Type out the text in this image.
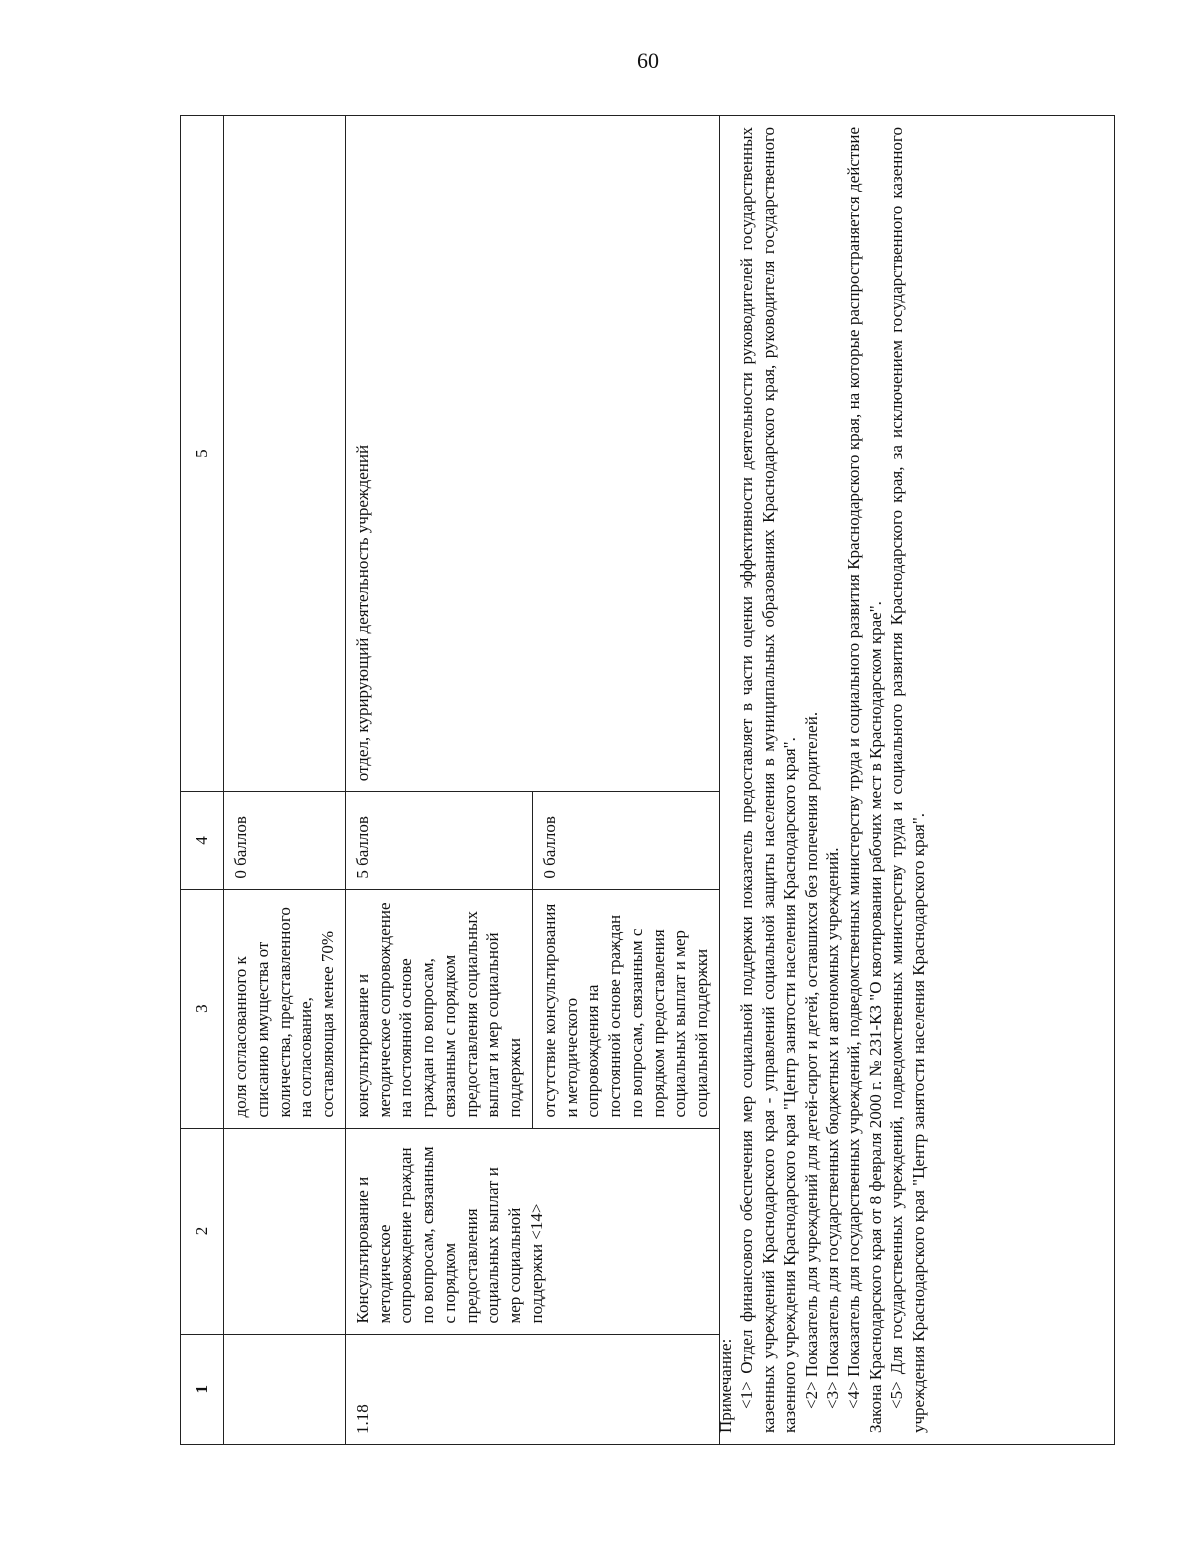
60
1	2	3	4	5
		доля согласованного к списанию имущества от количества, представленного на согласование, составляющая менее 70%	0 баллов	
1.18	Консультирование и методическое сопровождение граждан по вопросам, связанным с порядком предоставления социальных выплат и мер социальной поддержки <14>	консультирование и методическое сопровождение на постоянной основе граждан по вопросам, связанным с порядком предоставления социальных выплат и мер социальной поддержки	5 баллов	отдел, курирующий деятельность учреждений
		отсутствие консультирования и методического сопровождения на постоянной основе граждан по вопросам, связанным с порядком предоставления социальных выплат и мер социальной поддержки	0 баллов	

Примечание: <1> Отдел финансового обеспечения мер социальной поддержки показатель предоставляет в части оценки эффективности деятельности руководителей государственных казенных учреждений Краснодарского края - управлений социальной защиты населения в муниципальных образованиях Краснодарского края, руководителя государственного казенного учреждения Краснодарского края "Центр занятости населения Краснодарского края". <2> Показатель для учреждений для детей-сирот и детей, оставшихся без попечения родителей. <3> Показатель для государственных бюджетных и автономных учреждений. <4> Показатель для государственных учреждений, подведомственных министерству труда и социального развития Краснодарского края, на которые распространяется действие Закона Краснодарского края от 8 февраля 2000 г. № 231-КЗ "О квотировании рабочих мест в Краснодарском крае". <5> Для государственных учреждений, подведомственных министерству труда и социального развития Краснодарского края, за исключением государственного казенного учреждения Краснодарского края "Центр занятости населения Краснодарского края".
